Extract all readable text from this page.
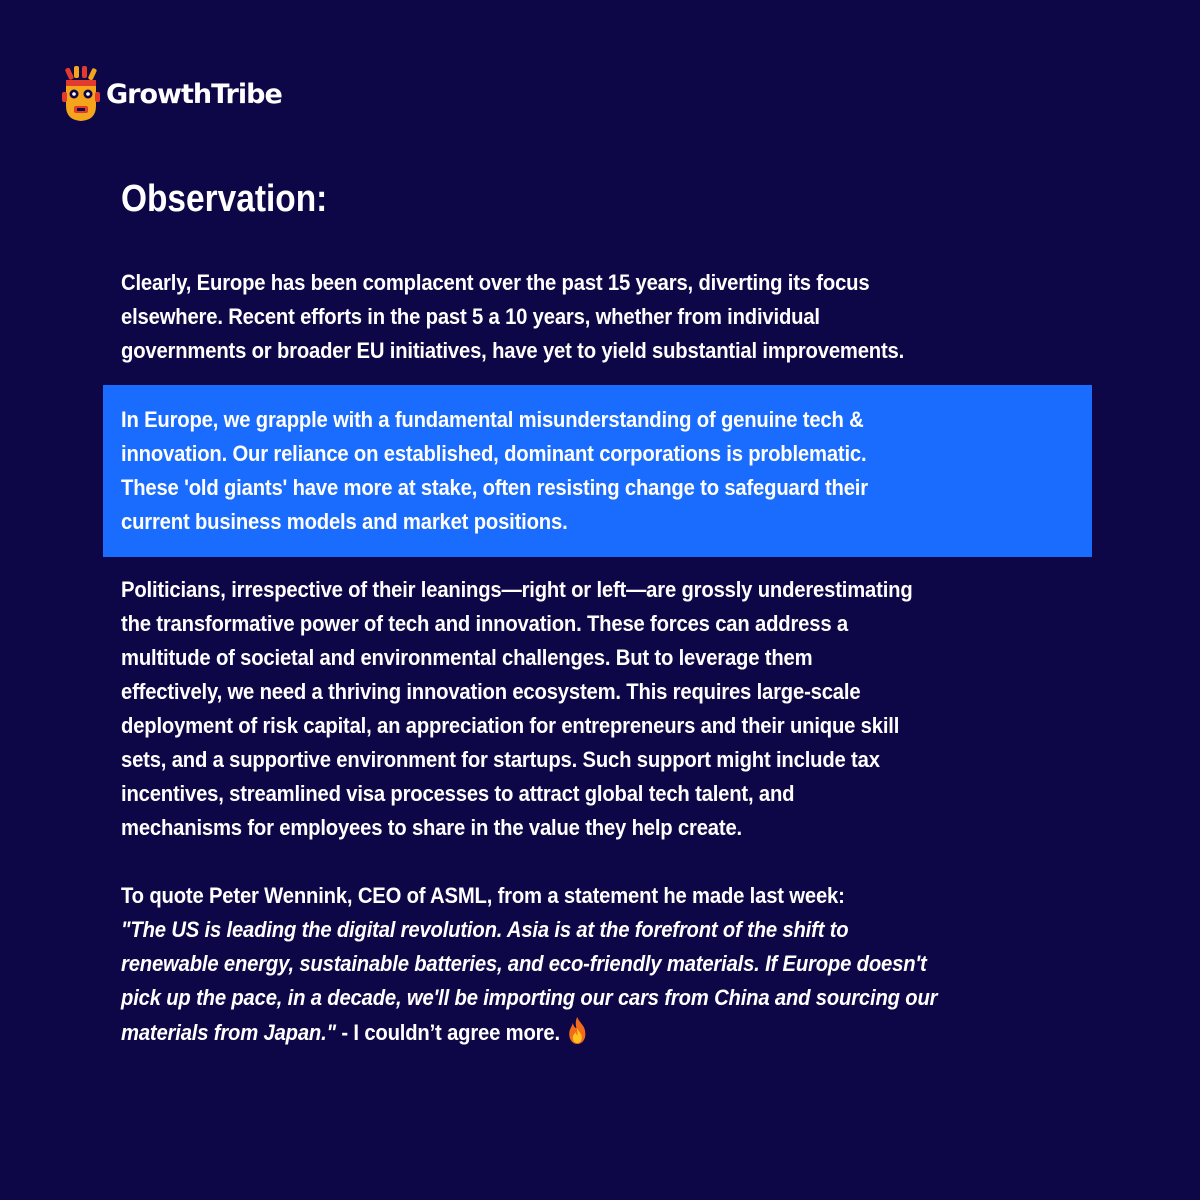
GrowthTribe
Observation:

Clearly, Europe has been complacent over the past 15 years, diverting its focus
elsewhere. Recent efforts in the past 5 a 10 years, whether from individual
governments or broader EU initiatives, have yet to yield substantial improvements.

In Europe, we grapple with a fundamental misunderstanding of genuine tech &
innovation. Our reliance on established, dominant corporations is problematic.
These 'old giants' have more at stake, often resisting change to safeguard their
current business models and market positions.

Politicians, irrespective of their leanings—right or left—are grossly underestimating
the transformative power of tech and innovation. These forces can address a
multitude of societal and environmental challenges. But to leverage them
effectively, we need a thriving innovation ecosystem. This requires large-scale
deployment of risk capital, an appreciation for entrepreneurs and their unique skill
sets, and a supportive environment for startups. Such support might include tax
incentives, streamlined visa processes to attract global tech talent, and
mechanisms for employees to share in the value they help create.

To quote Peter Wennink, CEO of ASML, from a statement he made last week:
"The US is leading the digital revolution. Asia is at the forefront of the shift to
renewable energy, sustainable batteries, and eco-friendly materials. If Europe doesn't
pick up the pace, in a decade, we'll be importing our cars from China and sourcing our
materials from Japan." - I couldn’t agree more.
